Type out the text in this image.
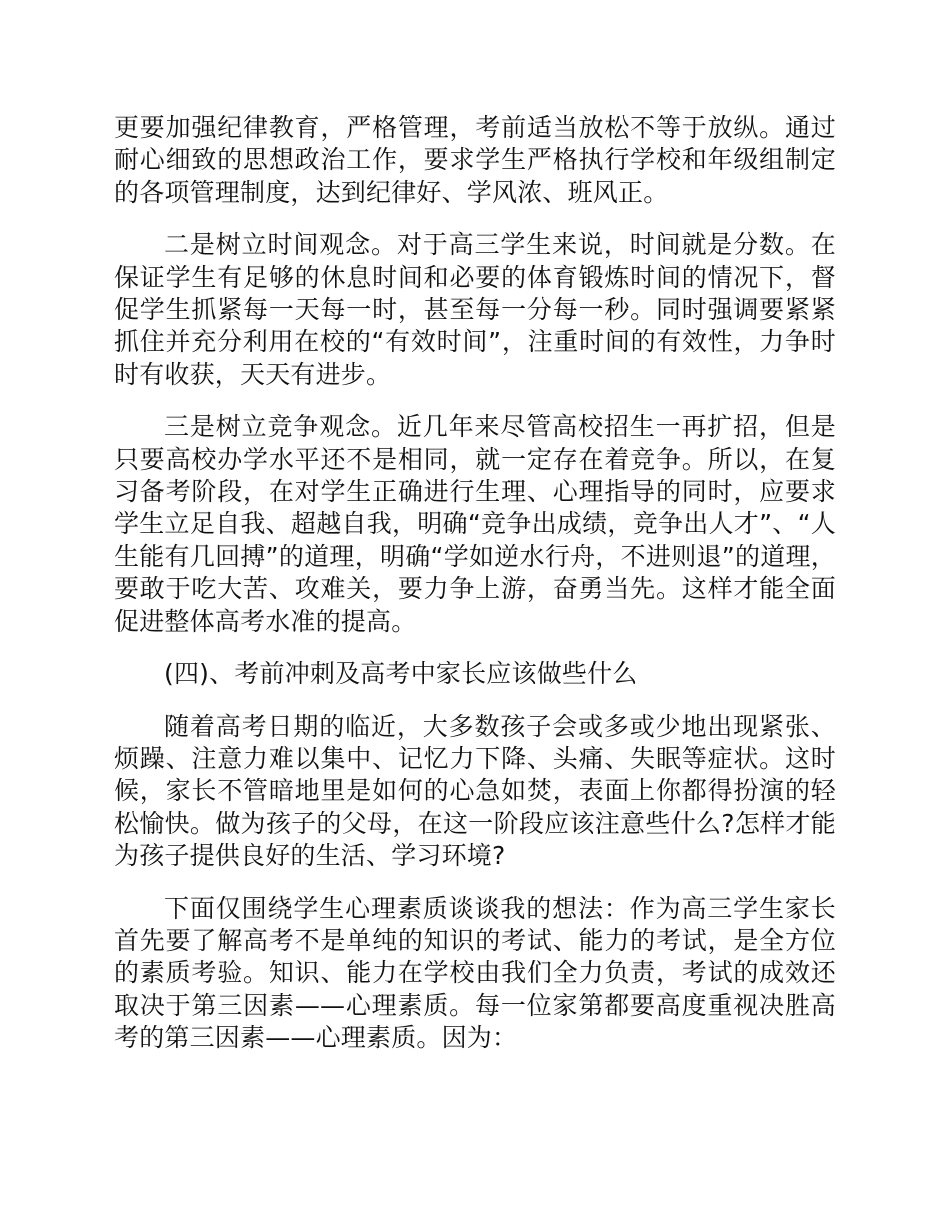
更要加强纪律教育，严格管理，考前适当放松不等于放纵。通过耐心细致的思想政治工作，要求学生严格执行学校和年级组制定的各项管理制度，达到纪律好、学风浓、班风正。

二是树立时间观念。对于高三学生来说，时间就是分数。在保证学生有足够的休息时间和必要的体育锻炼时间的情况下，督促学生抓紧每一天每一时，甚至每一分每一秒。同时强调要紧紧抓住并充分利用在校的“有效时间”，注重时间的有效性，力争时时有收获，天天有进步。

三是树立竞争观念。近几年来尽管高校招生一再扩招，但是只要高校办学水平还不是相同，就一定存在着竞争。所以，在复习备考阶段，在对学生正确进行生理、心理指导的同时，应要求学生立足自我、超越自我，明确“竞争出成绩，竞争出人才”、“人生能有几回搏”的道理，明确“学如逆水行舟，不进则退”的道理，要敢于吃大苦、攻难关，要力争上游，奋勇当先。这样才能全面促进整体高考水准的提高。

(四)、考前冲刺及高考中家长应该做些什么

随着高考日期的临近，大多数孩子会或多或少地出现紧张、烦躁、注意力难以集中、记忆力下降、头痛、失眠等症状。这时候，家长不管暗地里是如何的心急如焚，表面上你都得扮演的轻松愉快。做为孩子的父母，在这一阶段应该注意些什么?怎样才能为孩子提供良好的生活、学习环境?

下面仅围绕学生心理素质谈谈我的想法：作为高三学生家长首先要了解高考不是单纯的知识的考试、能力的考试，是全方位的素质考验。知识、能力在学校由我们全力负责，考试的成效还取决于第三因素——心理素质。每一位家第都要高度重视决胜高考的第三因素——心理素质。因为：
